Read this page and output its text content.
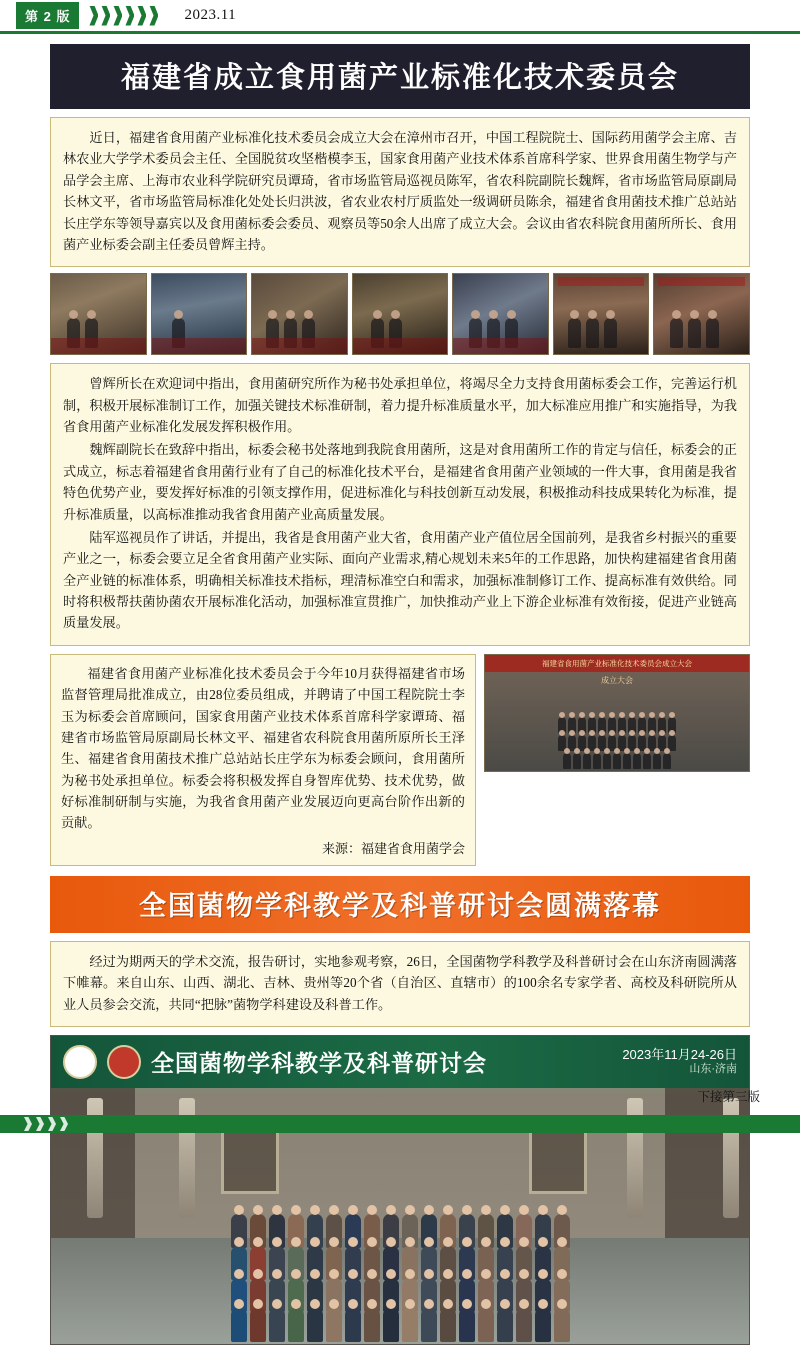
第 2 版	2023.11
福建省成立食用菌产业标准化技术委员会

近日，福建省食用菌产业标准化技术委员会成立大会在漳州市召开，中国工程院院士、国际药用菌学会主席、吉林农业大学学术委员会主任、全国脱贫攻坚楷模李玉，国家食用菌产业技术体系首席科学家、世界食用菌生物学与产品学会主席、上海市农业科学院研究员谭琦，省市场监管局巡视员陈军，省农科院副院长魏辉，省市场监管局原副局长林文平，省市场监管局标准化处处长归洪波，省农业农村厅质监处一级调研员陈余，福建省食用菌技术推广总站站长庄学东等领导嘉宾以及食用菌标委会委员、观察员等50余人出席了成立大会。会议由省农科院食用菌所所长、食用菌产业标委会副主任委员曾辉主持。

曾辉所长在欢迎词中指出，食用菌研究所作为秘书处承担单位，将竭尽全力支持食用菌标委会工作，完善运行机制，积极开展标准制订工作，加强关键技术标准研制，着力提升标准质量水平，加大标准应用推广和实施指导，为我省食用菌产业标准化发展发挥积极作用。

魏辉副院长在致辞中指出，标委会秘书处落地到我院食用菌所，这是对食用菌所工作的肯定与信任，标委会的正式成立，标志着福建省食用菌行业有了自己的标准化技术平台，是福建省食用菌产业领域的一件大事，食用菌是我省特色优势产业，要发挥好标准的引领支撑作用，促进标准化与科技创新互动发展，积极推动科技成果转化为标准，提升标准质量，以高标准推动我省食用菌产业高质量发展。

陆军巡视员作了讲话，并提出，我省是食用菌产业大省，食用菌产业产值位居全国前列，是我省乡村振兴的重要产业之一，标委会要立足全省食用菌产业实际、面向产业需求,精心规划未来5年的工作思路，加快构建福建省食用菌全产业链的标准体系，明确相关标准技术指标，理清标准空白和需求，加强标准制修订工作、提高标准有效供给。同时将积极帮扶菌协菌农开展标准化活动，加强标准宣贯推广，加快推动产业上下游企业标准有效衔接，促进产业链高质量发展。

福建省食用菌产业标准化技术委员会于今年10月获得福建省市场监督管理局批准成立，由28位委员组成，并聘请了中国工程院院士李玉为标委会首席顾问，国家食用菌产业技术体系首席科学家谭琦、福建省市场监管局原副局长林文平、福建省农科院食用菌所原所长王泽生、福建省食用菌技术推广总站站长庄学东为标委会顾问，食用菌所为秘书处承担单位。标委会将积极发挥自身智库优势、技术优势，做好标准制研制与实施，为我省食用菌产业发展迈向更高台阶作出新的贡献。

来源：福建省食用菌学会
福建省食用菌产业标准化技术委员会成立大会
成立大会
全国菌物学科教学及科普研讨会圆满落幕

经过为期两天的学术交流，报告研讨，实地参观考察，26日，全国菌物学科教学及科普研讨会在山东济南圆满落下帷幕。来自山东、山西、湖北、吉林、贵州等20个省（自治区、直辖市）的100余名专家学者、高校及科研院所从业人员参会交流，共同“把脉”菌物学科建设及科普工作。

全国菌物学科教学及科普研讨会	2023年11月24-26日
山东·济南
下接第三版
